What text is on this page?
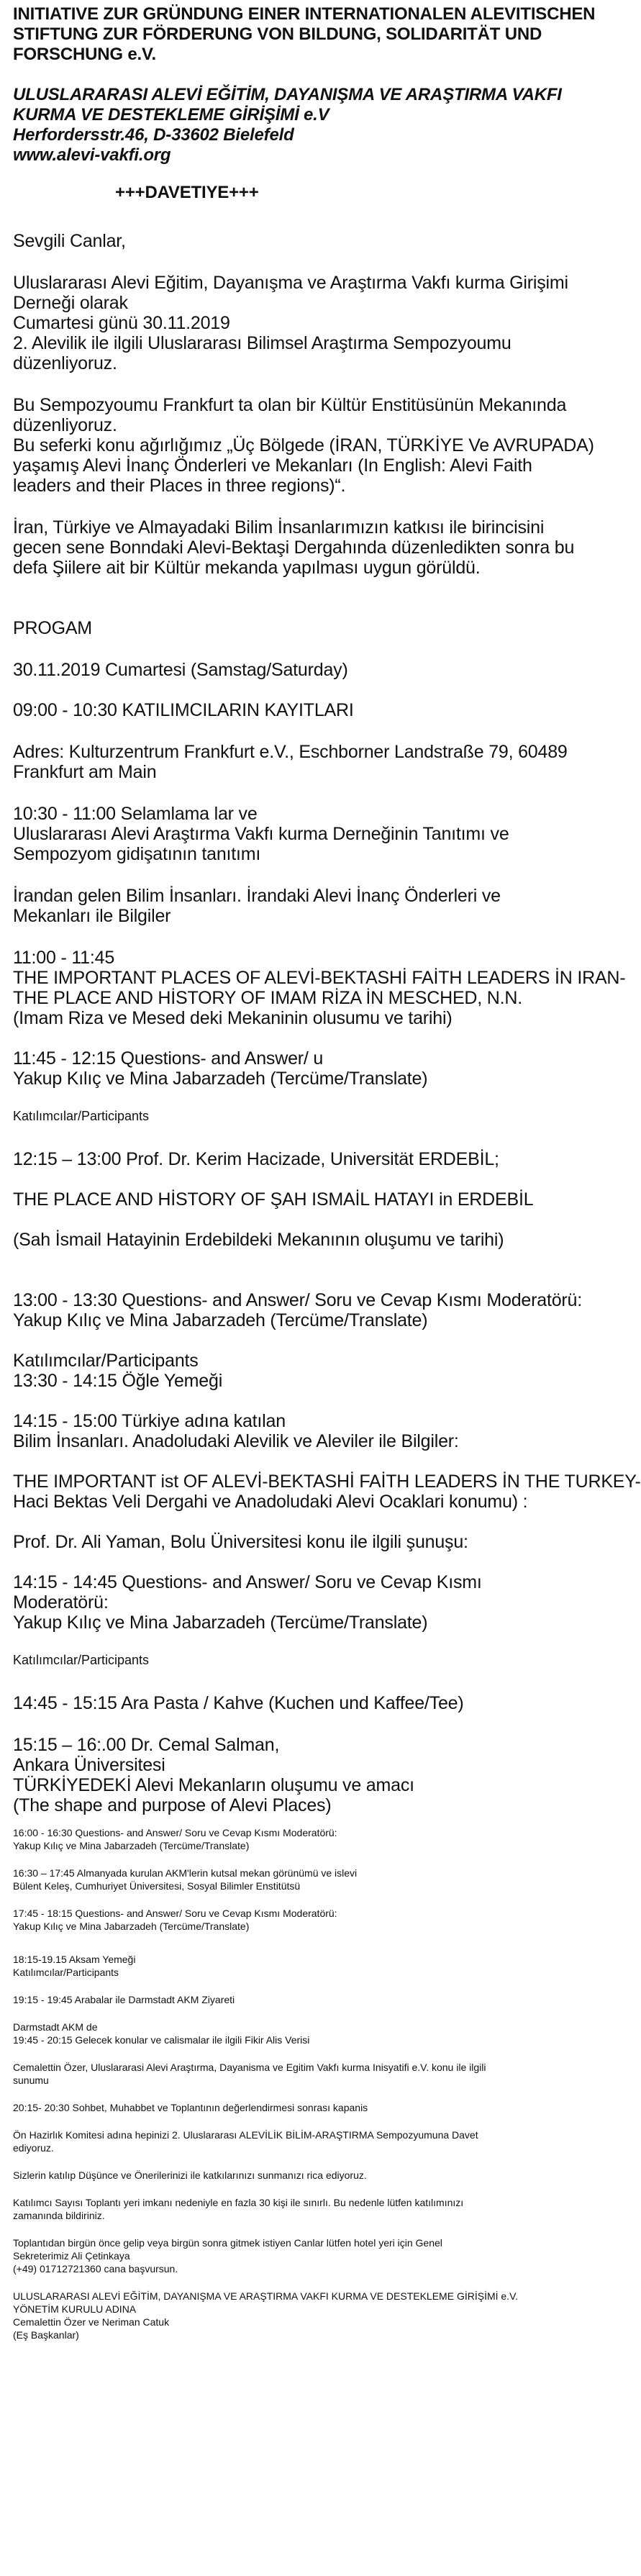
INITIATIVE ZUR GRÜNDUNG EINER INTERNATIONALEN ALEVITISCHEN
STIFTUNG ZUR FÖRDERUNG VON BILDUNG, SOLIDARITÄT UND
FORSCHUNG e.V.
ULUSLARARASI ALEVİ EĞİTİM, DAYANIŞMA VE ARAŞTIRMA VAKFI
KURMA VE DESTEKLEME GİRİŞİMİ e.V
Herfordersstr.46, D-33602 Bielefeld
www.alevi-vakfi.org
+++DAVETIYE+++
Sevgili Canlar,
Uluslararası Alevi Eğitim, Dayanışma ve Araştırma Vakfı kurma Girişimi
Derneği olarak
Cumartesi günü 30.11.2019
2. Alevilik ile ilgili Uluslararası Bilimsel Araştırma Sempozyoumu
düzenliyoruz.
Bu Sempozyoumu Frankfurt ta olan bir Kültür Enstitüsünün Mekanında
düzenliyoruz.
Bu seferki konu ağırlığımız „Üç Bölgede (İRAN, TÜRKİYE Ve AVRUPADA)
yaşamış Alevi İnanç Önderleri ve Mekanları (In English: Alevi Faith
leaders and their Places in three regions)“.
İran, Türkiye ve Almayadaki Bilim İnsanlarımızın katkısı ile birincisini
gecen sene Bonndaki Alevi-Bektaşi Dergahında düzenledikten sonra bu
defa Şiilere ait bir Kültür mekanda yapılması uygun görüldü.
PROGAM
30.11.2019 Cumartesi (Samstag/Saturday)
09:00 - 10:30 KATILIMCILARIN KAYITLARI
Adres: Kulturzentrum Frankfurt e.V., Eschborner Landstraße 79, 60489
Frankfurt am Main
10:30 - 11:00 Selamlama lar ve
Uluslararası Alevi Araştırma Vakfı kurma Derneğinin Tanıtımı ve
Sempozyom gidişatının tanıtımı
İrandan gelen Bilim İnsanları. İrandaki Alevi İnanç Önderleri ve
Mekanları ile Bilgiler
11:00 - 11:45
THE IMPORTANT PLACES OF ALEVİ-BEKTASHİ FAİTH LEADERS İN IRAN-
THE PLACE AND HİSTORY OF IMAM RİZA İN MESCHED, N.N.
(Imam Riza ve Mesed deki Mekaninin olusumu ve tarihi)
11:45 - 12:15 Questions- and Answer/ u
Yakup Kılıç ve Mina Jabarzadeh (Tercüme/Translate)
Katılımcılar/Participants
12:15 – 13:00 Prof. Dr. Kerim Hacizade, Universität ERDEBİL;
THE PLACE AND HİSTORY OF ŞAH ISMAİL HATAYI in ERDEBİL
(Sah İsmail Hatayinin Erdebildeki Mekanının oluşumu ve tarihi)
13:00 - 13:30 Questions- and Answer/ Soru ve Cevap Kısmı Moderatörü:
Yakup Kılıç ve Mina Jabarzadeh (Tercüme/Translate)
Katılımcılar/Participants
13:30 - 14:15 Öğle Yemeği
14:15 - 15:00 Türkiye adına katılan
Bilim İnsanları. Anadoludaki Alevilik ve Aleviler ile Bilgiler:
THE IMPORTANT ist OF ALEVİ-BEKTASHİ FAİTH LEADERS İN THE TURKEY-
Haci Bektas Veli Dergahi ve Anadoludaki Alevi Ocaklari konumu) :
Prof. Dr. Ali Yaman, Bolu Üniversitesi konu ile ilgili şunuşu:
14:15 - 14:45 Questions- and Answer/ Soru ve Cevap Kısmı
Moderatörü:
Yakup Kılıç ve Mina Jabarzadeh (Tercüme/Translate)
Katılımcılar/Participants
14:45 - 15:15 Ara Pasta / Kahve (Kuchen und Kaffee/Tee)
15:15 – 16:.00 Dr. Cemal Salman,
Ankara Üniversitesi
TÜRKİYEDEKİ Alevi Mekanların oluşumu ve amacı
(The shape and purpose of Alevi Places)
16:00 - 16:30 Questions- and Answer/ Soru ve Cevap Kısmı Moderatörü:
Yakup Kılıç ve Mina Jabarzadeh (Tercüme/Translate)
16:30 – 17:45 Almanyada kurulan AKM'lerin kutsal mekan görünümü ve islevi
Bülent Keleş, Cumhuriyet Üniversitesi, Sosyal Bilimler Enstitütsü
17:45 - 18:15 Questions- and Answer/ Soru ve Cevap Kısmı Moderatörü:
Yakup Kılıç ve Mina Jabarzadeh (Tercüme/Translate)
18:15-19.15 Aksam Yemeği
Katılımcılar/Participants
19:15 - 19:45 Arabalar ile Darmstadt AKM Ziyareti
Darmstadt AKM de
19:45 - 20:15 Gelecek konular ve calismalar ile ilgili Fikir Alis Verisi
Cemalettin Özer, Uluslararasi Alevi Araştırma, Dayanisma ve Egitim Vakfı kurma Inisyatifi e.V. konu ile ilgili
sunumu
20:15- 20:30 Sohbet, Muhabbet ve Toplantının değerlendirmesi sonrası kapanis
Ön Hazirlık Komitesi adına hepinizi 2. Uluslararası ALEVİLİK BİLİM-ARAŞTIRMA Sempozyumuna Davet
ediyoruz.
Sizlerin katılıp Düşünce ve Önerilerinizi ile katkılarınızı sunmanızı rica ediyoruz.
Katılımcı Sayısı Toplantı yeri imkanı nedeniyle en fazla 30 kişi ile sınırlı. Bu nedenle lütfen katılımınızı
zamanında bildiriniz.
Toplantıdan birgün önce gelip veya birgün sonra gitmek istiyen Canlar lütfen hotel yeri için Genel
Sekreterimiz Ali Çetinkaya
(+49) 01712721360 cana başvursun.
ULUSLARARASI ALEVİ EĞİTİM, DAYANIŞMA VE ARAŞTIRMA VAKFI KURMA VE DESTEKLEME GİRİŞİMİ e.V.
YÖNETİM KURULU ADINA
Cemalettin Özer ve Neriman Catuk
(Eş Başkanlar)
